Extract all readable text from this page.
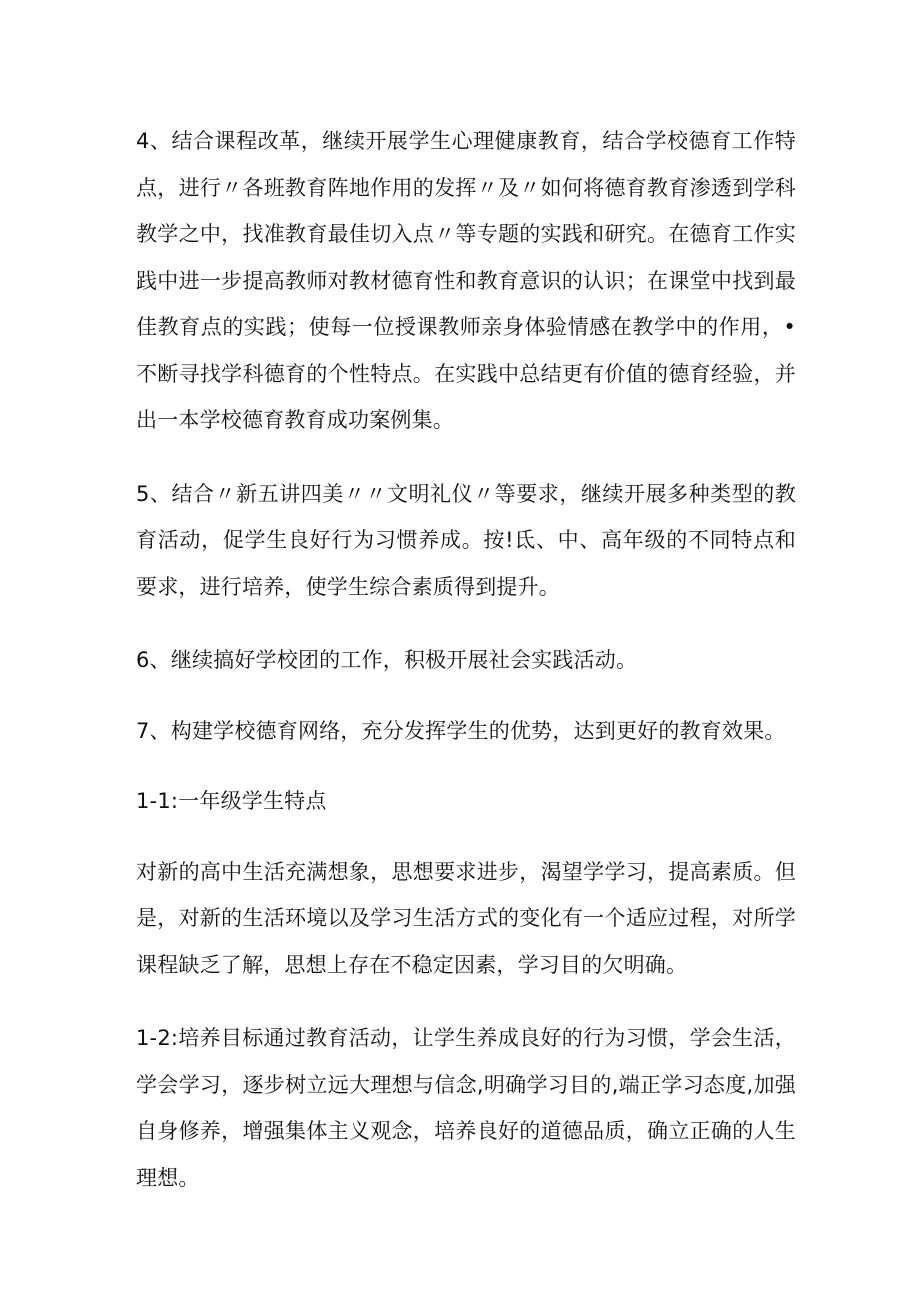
4、结合课程改革，继续开展学生心理健康教育，结合学校德育工作特点，进行〃各班教育阵地作用的发挥〃及〃如何将德育教育渗透到学科教学之中，找准教育最佳切入点〃等专题的实践和研究。在德育工作实践中进一步提高教师对教材德育性和教育意识的认识；在课堂中找到最佳教育点的实践；使每一位授课教师亲身体验情感在教学中的作用，•不断寻找学科德育的个性特点。在实践中总结更有价值的德育经验，并出一本学校德育教育成功案例集。

5、结合〃新五讲四美〃〃文明礼仪〃等要求，继续开展多种类型的教育活动，促学生良好行为习惯养成。按!氐、中、高年级的不同特点和要求，进行培养，使学生综合素质得到提升。

6、继续搞好学校团的工作，积极开展社会实践活动。

7、构建学校德育网络，充分发挥学生的优势，达到更好的教育效果。

1-1:一年级学生特点

对新的高中生活充满想象，思想要求进步，渴望学学习，提高素质。但是，对新的生活环境以及学习生活方式的变化有一个适应过程，对所学课程缺乏了解，思想上存在不稳定因素，学习目的欠明确。

1-2:培养目标通过教育活动，让学生养成良好的行为习惯，学会生活，学会学习，逐步树立远大理想与信念,明确学习目的,端正学习态度,加强自身修养，增强集体主义观念，培养良好的道德品质，确立正确的人生理想。
